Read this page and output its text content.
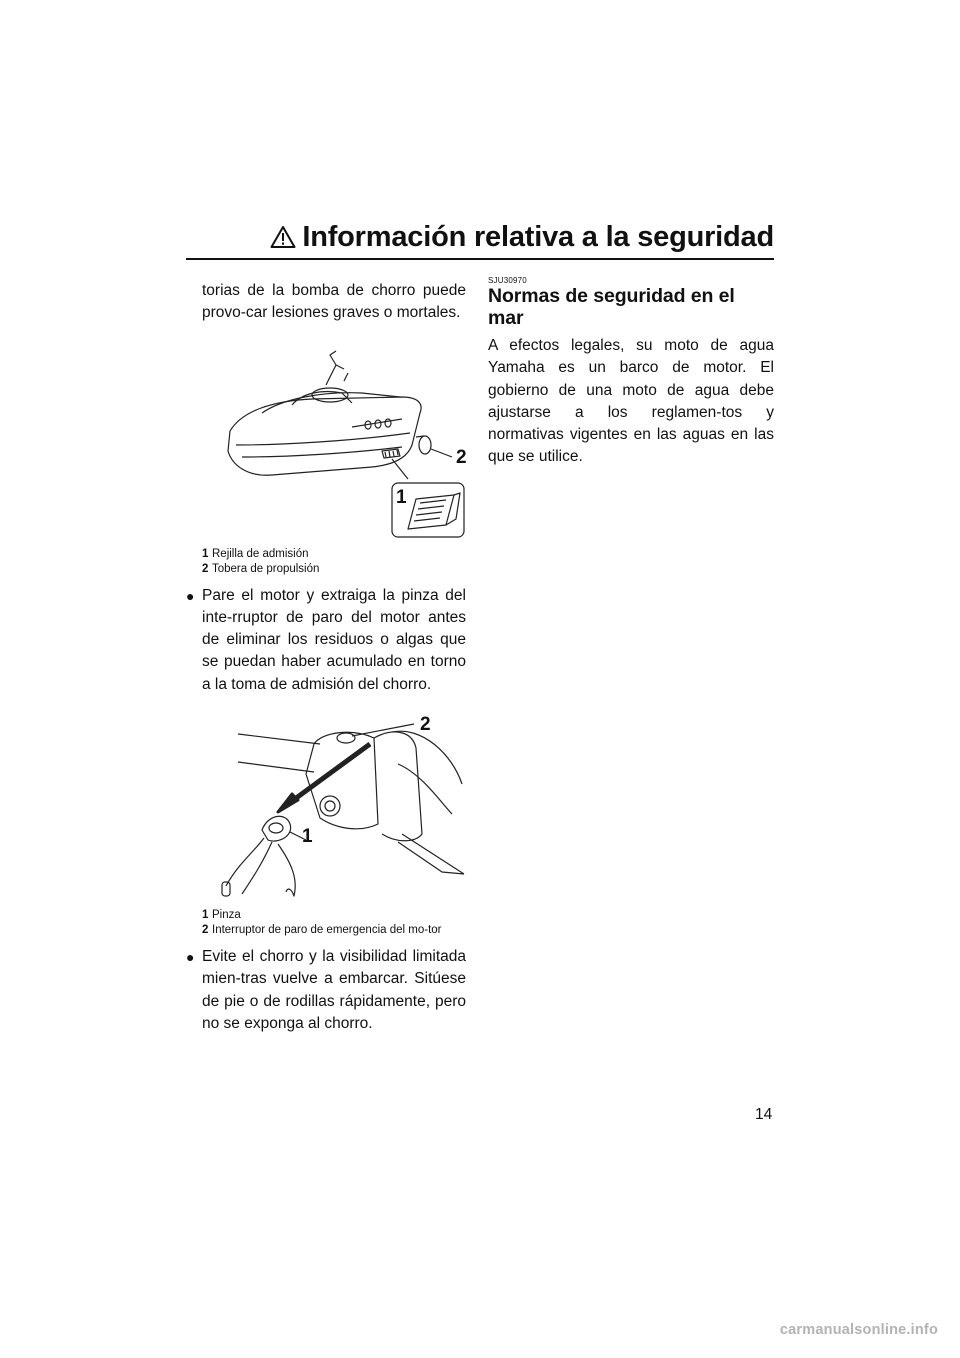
Información relativa a la seguridad

torias de la bomba de chorro puede provo-car lesiones graves o mortales.

2
1
1 Rejilla de admisión
2 Tobera de propulsión
● Pare el motor y extraiga la pinza del inte-rruptor de paro del motor antes de eliminar los residuos o algas que se puedan haber acumulado en torno a la toma de admisión del chorro.

2
1
1 Pinza
2 Interruptor de paro de emergencia del mo-tor
● Evite el chorro y la visibilidad limitada mien-tras vuelve a embarcar. Sitúese de pie o de rodillas rápidamente, pero no se exponga al chorro.

SJU30970
Normas de seguridad en el mar

A efectos legales, su moto de agua Yamaha es un barco de motor. El gobierno de una moto de agua debe ajustarse a los reglamen-tos y normativas vigentes en las aguas en las que se utilice.

14
carmanualsonline.info
